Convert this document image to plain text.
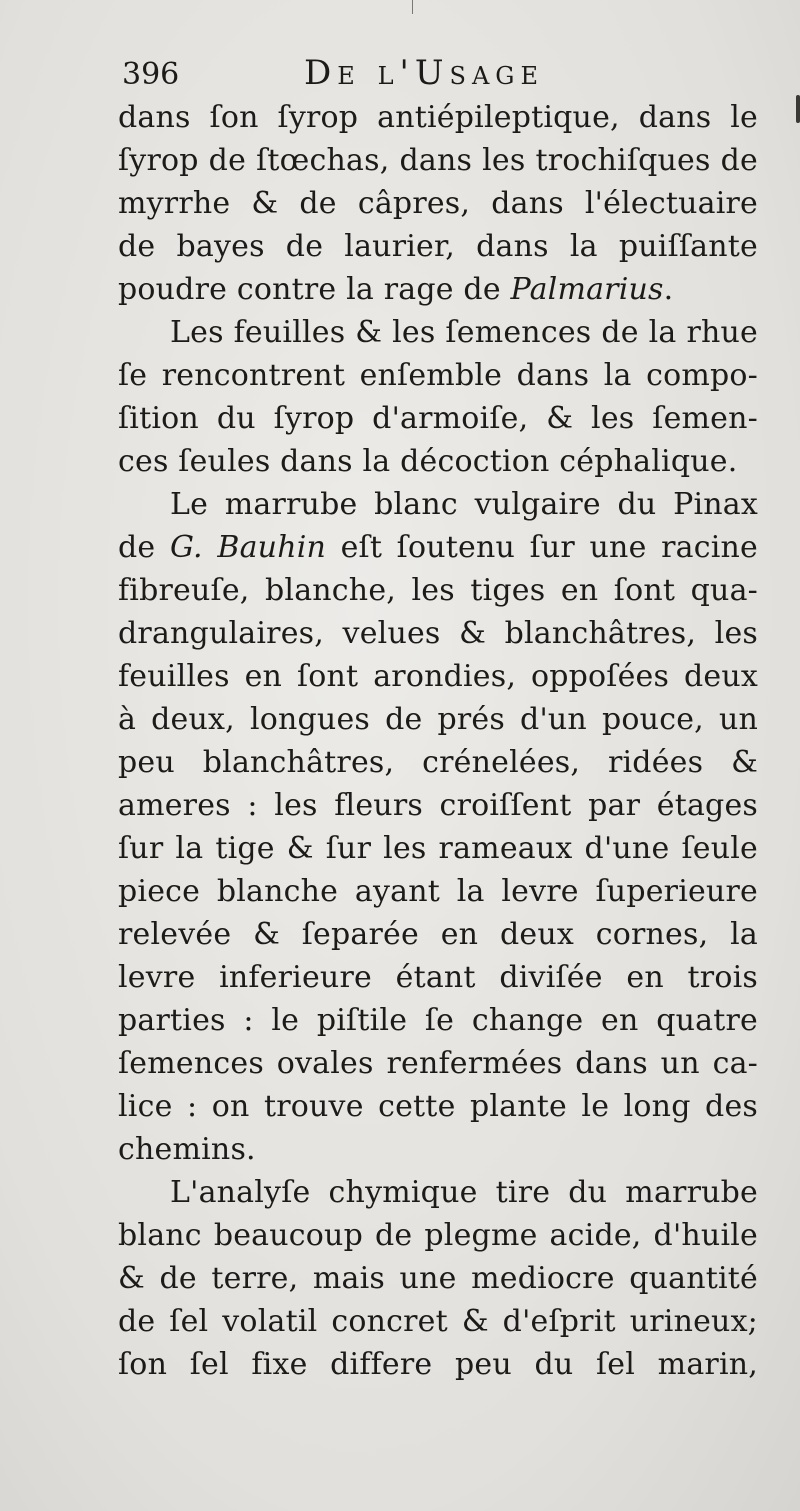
396	De l'Usage
dans ſon ſyrop antiépileptique, dans le
ſyrop de ſtœchas, dans les trochiſques de
myrrhe & de câpres, dans l'électuaire
de bayes de laurier, dans la puiſſante
poudre contre la rage de Palmarius.
Les feuilles & les ſemences de la rhue
ſe rencontrent enſemble dans la compo-
ſition du ſyrop d'armoiſe, & les ſemen-
ces ſeules dans la décoction céphalique.
Le marrube blanc vulgaire du Pinax
de G. Bauhin eſt ſoutenu ſur une racine
fibreuſe, blanche, les tiges en ſont qua-
drangulaires, velues & blanchâtres, les
feuilles en ſont arondies, oppoſées deux
à deux, longues de prés d'un pouce, un
peu blanchâtres, crénelées, ridées &
ameres : les fleurs croiſſent par étages
ſur la tige & ſur les rameaux d'une ſeule
piece blanche ayant la levre ſuperieure
relevée & ſeparée en deux cornes, la
levre inferieure étant diviſée en trois
parties : le piſtile ſe change en quatre
ſemences ovales renfermées dans un ca-
lice : on trouve cette plante le long des
chemins.
L'analyſe chymique tire du marrube
blanc beaucoup de plegme acide, d'huile
& de terre, mais une mediocre quantité
de ſel volatil concret & d'eſprit urineux;
ſon ſel fixe differe peu du ſel marin,
